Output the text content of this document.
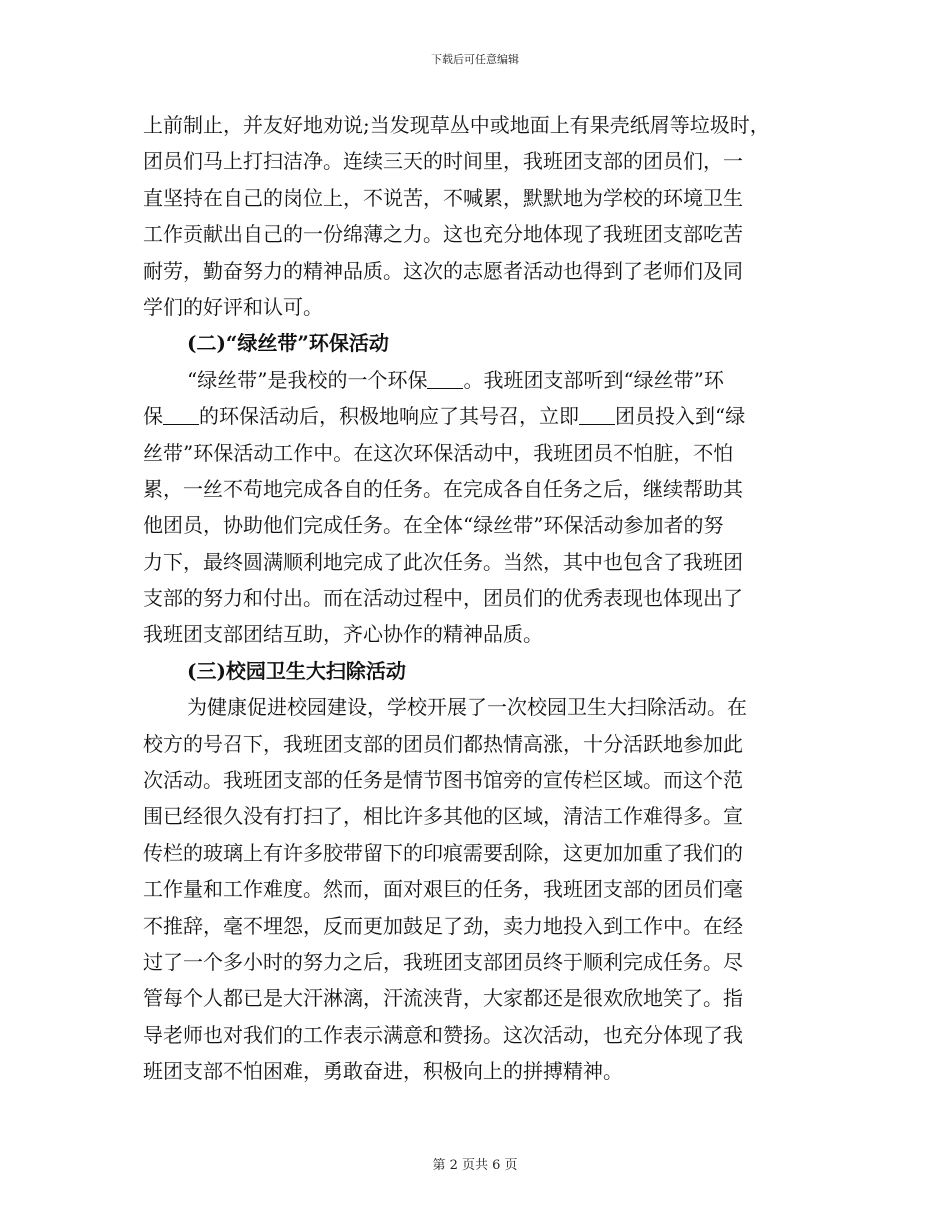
下载后可任意编辑
上前制止，并友好地劝说;当发现草丛中或地面上有果壳纸屑等垃圾时，
团员们马上打扫洁净。连续三天的时间里，我班团支部的团员们，一
直坚持在自己的岗位上，不说苦，不喊累，默默地为学校的环境卫生
工作贡献出自己的一份绵薄之力。这也充分地体现了我班团支部吃苦
耐劳，勤奋努力的精神品质。这次的志愿者活动也得到了老师们及同
学们的好评和认可。
(二)“绿丝带”环保活动
“绿丝带”是我校的一个环保 。我班团支部听到“绿丝带”环
保 的环保活动后，积极地响应了其号召，立即 团员投入到“绿
丝带”环保活动工作中。在这次环保活动中，我班团员不怕脏，不怕
累，一丝不苟地完成各自的任务。在完成各自任务之后，继续帮助其
他团员，协助他们完成任务。在全体“绿丝带”环保活动参加者的努
力下，最终圆满顺利地完成了此次任务。当然，其中也包含了我班团
支部的努力和付出。而在活动过程中，团员们的优秀表现也体现出了
我班团支部团结互助，齐心协作的精神品质。
(三)校园卫生大扫除活动
为健康促进校园建设，学校开展了一次校园卫生大扫除活动。在
校方的号召下，我班团支部的团员们都热情高涨，十分活跃地参加此
次活动。我班团支部的任务是情节图书馆旁的宣传栏区域。而这个范
围已经很久没有打扫了，相比许多其他的区域，清洁工作难得多。宣
传栏的玻璃上有许多胶带留下的印痕需要刮除，这更加加重了我们的
工作量和工作难度。然而，面对艰巨的任务，我班团支部的团员们毫
不推辞，毫不埋怨，反而更加鼓足了劲，卖力地投入到工作中。在经
过了一个多小时的努力之后，我班团支部团员终于顺利完成任务。尽
管每个人都已是大汗淋漓，汗流浃背，大家都还是很欢欣地笑了。指
导老师也对我们的工作表示满意和赞扬。这次活动，也充分体现了我
班团支部不怕困难，勇敢奋进，积极向上的拼搏精神。
第 2 页共 6 页
